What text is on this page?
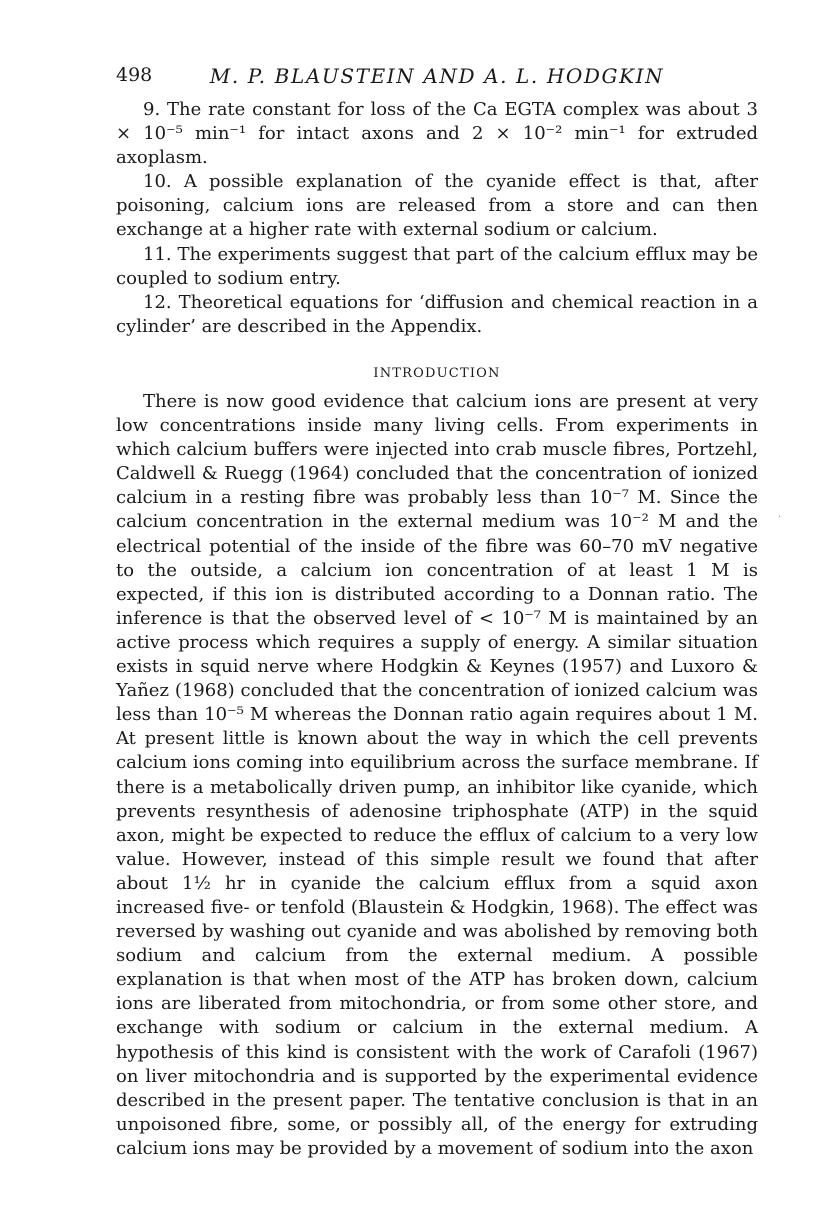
498	M. P. BLAUSTEIN AND A. L. HODGKIN

9. The rate constant for loss of the Ca EGTA complex was about 3 × 10⁻⁵ min⁻¹ for intact axons and 2 × 10⁻² min⁻¹ for extruded axoplasm.

10. A possible explanation of the cyanide effect is that, after poisoning, calcium ions are released from a store and can then exchange at a higher rate with external sodium or calcium.

11. The experiments suggest that part of the calcium efflux may be coupled to sodium entry.

12. Theoretical equations for ‘diffusion and chemical reaction in a cylinder’ are described in the Appendix.

INTRODUCTION

There is now good evidence that calcium ions are present at very low concentrations inside many living cells. From experiments in which calcium buffers were injected into crab muscle fibres, Portzehl, Caldwell & Ruegg (1964) concluded that the concentration of ionized calcium in a resting fibre was probably less than 10⁻⁷ M. Since the calcium concentration in the external medium was 10⁻² M and the electrical potential of the inside of the fibre was 60–70 mV negative to the outside, a calcium ion concentration of at least 1 M is expected, if this ion is distributed according to a Donnan ratio. The inference is that the observed level of < 10⁻⁷ M is maintained by an active process which requires a supply of energy. A similar situation exists in squid nerve where Hodgkin & Keynes (1957) and Luxoro & Yañez (1968) concluded that the concentration of ionized calcium was less than 10⁻⁵ M whereas the Donnan ratio again requires about 1 M. At present little is known about the way in which the cell prevents calcium ions coming into equilibrium across the surface membrane. If there is a metabolically driven pump, an inhibitor like cyanide, which prevents resynthesis of adenosine triphosphate (ATP) in the squid axon, might be expected to reduce the efflux of calcium to a very low value. However, instead of this simple result we found that after about 1½ hr in cyanide the calcium efflux from a squid axon increased five- or tenfold (Blaustein & Hodgkin, 1968). The effect was reversed by washing out cyanide and was abolished by removing both sodium and calcium from the external medium. A possible explanation is that when most of the ATP has broken down, calcium ions are liberated from mitochondria, or from some other store, and exchange with sodium or calcium in the external medium. A hypothesis of this kind is consistent with the work of Carafoli (1967) on liver mitochondria and is supported by the experimental evidence described in the present paper. The tentative conclusion is that in an unpoisoned fibre, some, or possibly all, of the energy for extruding calcium ions may be provided by a movement of sodium into the axon

·
